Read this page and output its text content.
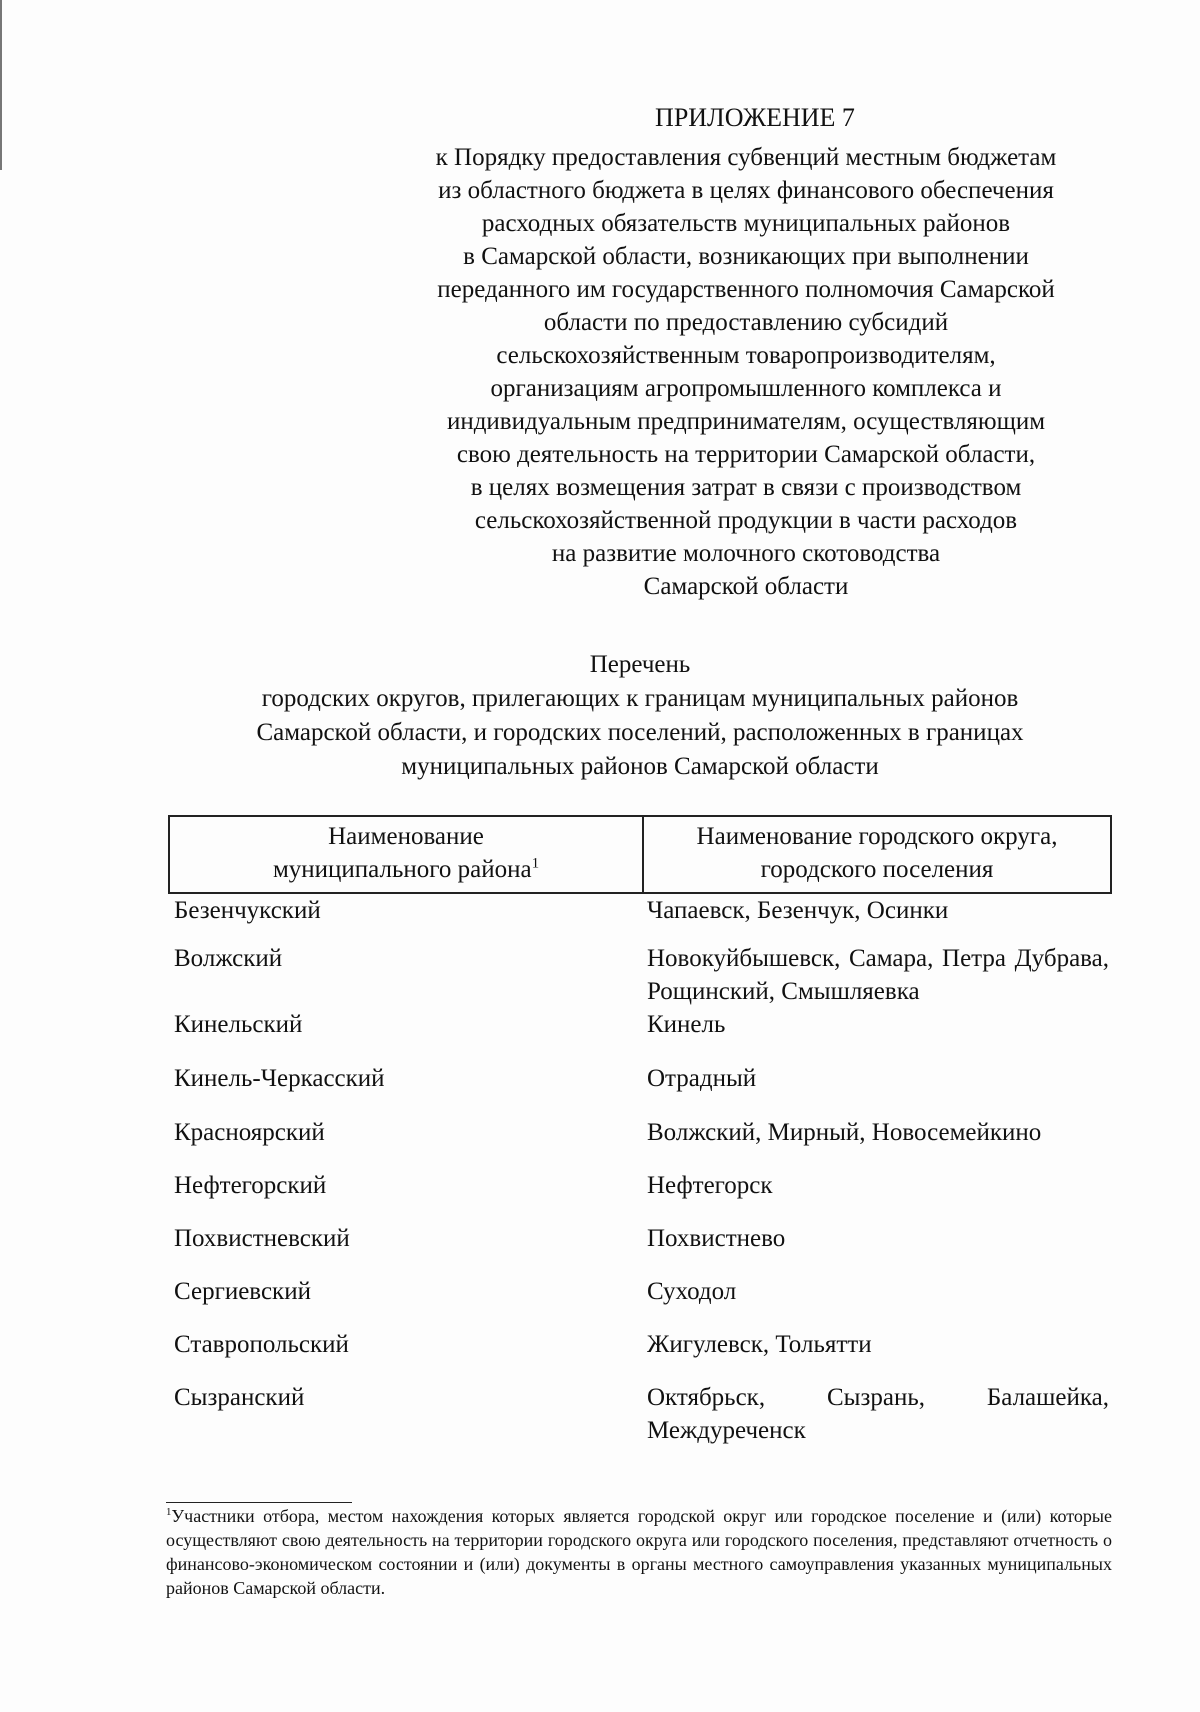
ПРИЛОЖЕНИЕ 7
к Порядку предоставления субвенций местным бюджетам
из областного бюджета в целях финансового обеспечения
расходных обязательств муниципальных районов
в Самарской области, возникающих при выполнении
переданного им государственного полномочия Самарской
области по предоставлению субсидий
сельскохозяйственным товаропроизводителям,
организациям агропромышленного комплекса и
индивидуальным предпринимателям, осуществляющим
свою деятельность на территории Самарской области,
в целях возмещения затрат в связи с производством
сельскохозяйственной продукции в части расходов
на развитие молочного скотоводства
Самарской области
Перечень
городских округов, прилегающих к границам муниципальных районов
Самарской области, и городских поселений, расположенных в границах
муниципальных районов Самарской области
Наименование
муниципального района$^1$	Наименование городского округа,
городского поселения
Безенчукский	Чапаевск, Безенчук, Осинки
Волжский	Новокуйбышевск, Самара, Петра Дубрава, Рощинский, Смышляевка
Кинельский	Кинель
Кинель-Черкасский	Отрадный
Красноярский	Волжский, Мирный, Новосемейкино
Нефтегорский	Нефтегорск
Похвистневский	Похвистнево
Сергиевский	Суходол
Ставропольский	Жигулевск, Тольятти
Сызранский	Октябрьск, Сызрань, Балашейка, Междуреченск
$^1$Участники отбора, местом нахождения которых является городской округ или городское поселение и (или) которые осуществляют свою деятельность на территории городского округа или городского поселения, представляют отчетность о финансово-экономическом состоянии и (или) документы в органы местного самоуправления указанных муниципальных районов Самарской области.
